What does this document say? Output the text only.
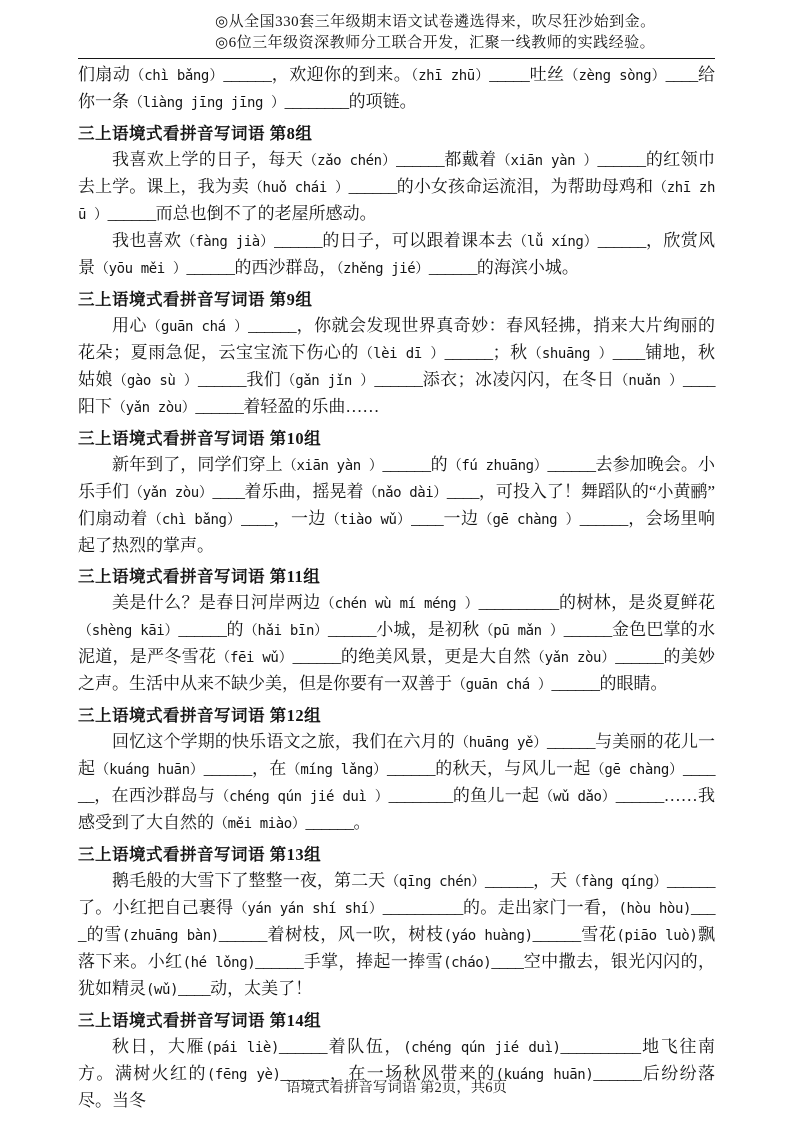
◎从全国330套三年级期末语文试卷遴选得来，吹尽狂沙始到金。
◎6位三年级资深教师分工联合开发，汇聚一线教师的实践经验。

们扇动（chì bǎng）______，欢迎你的到来。（zhī zhū）_____吐丝（zèng sòng）____给你一条（liàng jīng jīng ）________的项链。

三上语境式看拼音写词语 第8组

我喜欢上学的日子，每天（zǎo chén）______都戴着（xiān yàn ）______的红领巾去上学。课上，我为卖（huǒ chái ）______的小女孩命运流泪，为帮助母鸡和（zhī zhū ）______而总也倒不了的老屋所感动。

我也喜欢（fàng jià）______的日子，可以跟着课本去（lǚ xíng）______，欣赏风景（yōu měi ）______的西沙群岛，（zhěng jié）______的海滨小城。

三上语境式看拼音写词语 第9组

用心（guān chá ）______，你就会发现世界真奇妙：春风轻拂，捎来大片绚丽的花朵；夏雨急促，云宝宝流下伤心的（lèi dī ）______；秋（shuāng ）____铺地，秋姑娘（gào sù ）______我们（gǎn jǐn ）______添衣；冰凌闪闪，在冬日（nuǎn ）____阳下（yǎn zòu）______着轻盈的乐曲……

三上语境式看拼音写词语 第10组

新年到了，同学们穿上（xiān yàn ）______的（fú zhuāng）______去参加晚会。小乐手们（yǎn zòu）____着乐曲，摇晃着（nǎo dài）____，可投入了！舞蹈队的“小黄鹂”们扇动着（chì bǎng）____，一边（tiào wǔ）____一边（gē chàng ）______，会场里响起了热烈的掌声。

三上语境式看拼音写词语 第11组

美是什么？是春日河岸两边（chén wù mí méng ）__________的树林，是炎夏鲜花（shèng kāi）______的（hǎi bīn）______小城，是初秋（pū mǎn ）______金色巴掌的水泥道，是严冬雪花（fēi wǔ）______的绝美风景，更是大自然（yǎn zòu）______的美妙之声。生活中从来不缺少美，但是你要有一双善于（guān chá ）______的眼睛。

三上语境式看拼音写词语 第12组

回忆这个学期的快乐语文之旅，我们在六月的（huāng yě）______与美丽的花儿一起（kuáng huān）______，在（míng lǎng）______的秋天，与风儿一起（gē chàng）______，在西沙群岛与（chéng qún jié duì ）________的鱼儿一起（wǔ dǎo）______……我感受到了大自然的（měi miào）______。

三上语境式看拼音写词语 第13组

鹅毛般的大雪下了整整一夜，第二天（qīng chén）______，天（fàng qíng）______了。小红把自己裹得（yán yán shí shí）__________的。走出家门一看，(hòu hòu)____的雪(zhuāng bàn)______着树枝，风一吹，树枝(yáo huàng)______雪花(piāo luò)飘落下来。小红(hé lǒng)______手掌，捧起一捧雪(cháo)____空中撒去，银光闪闪的，犹如精灵(wǔ)____动，太美了！

三上语境式看拼音写词语 第14组

秋日，大雁(pái liè)______着队伍，(chéng qún jié duì)__________地飞往南方。满树火红的(fēng yè)______，在一场秋风带来的(kuáng huān)______后纷纷落尽。当冬

语境式看拼音写词语 第2页，共6页
